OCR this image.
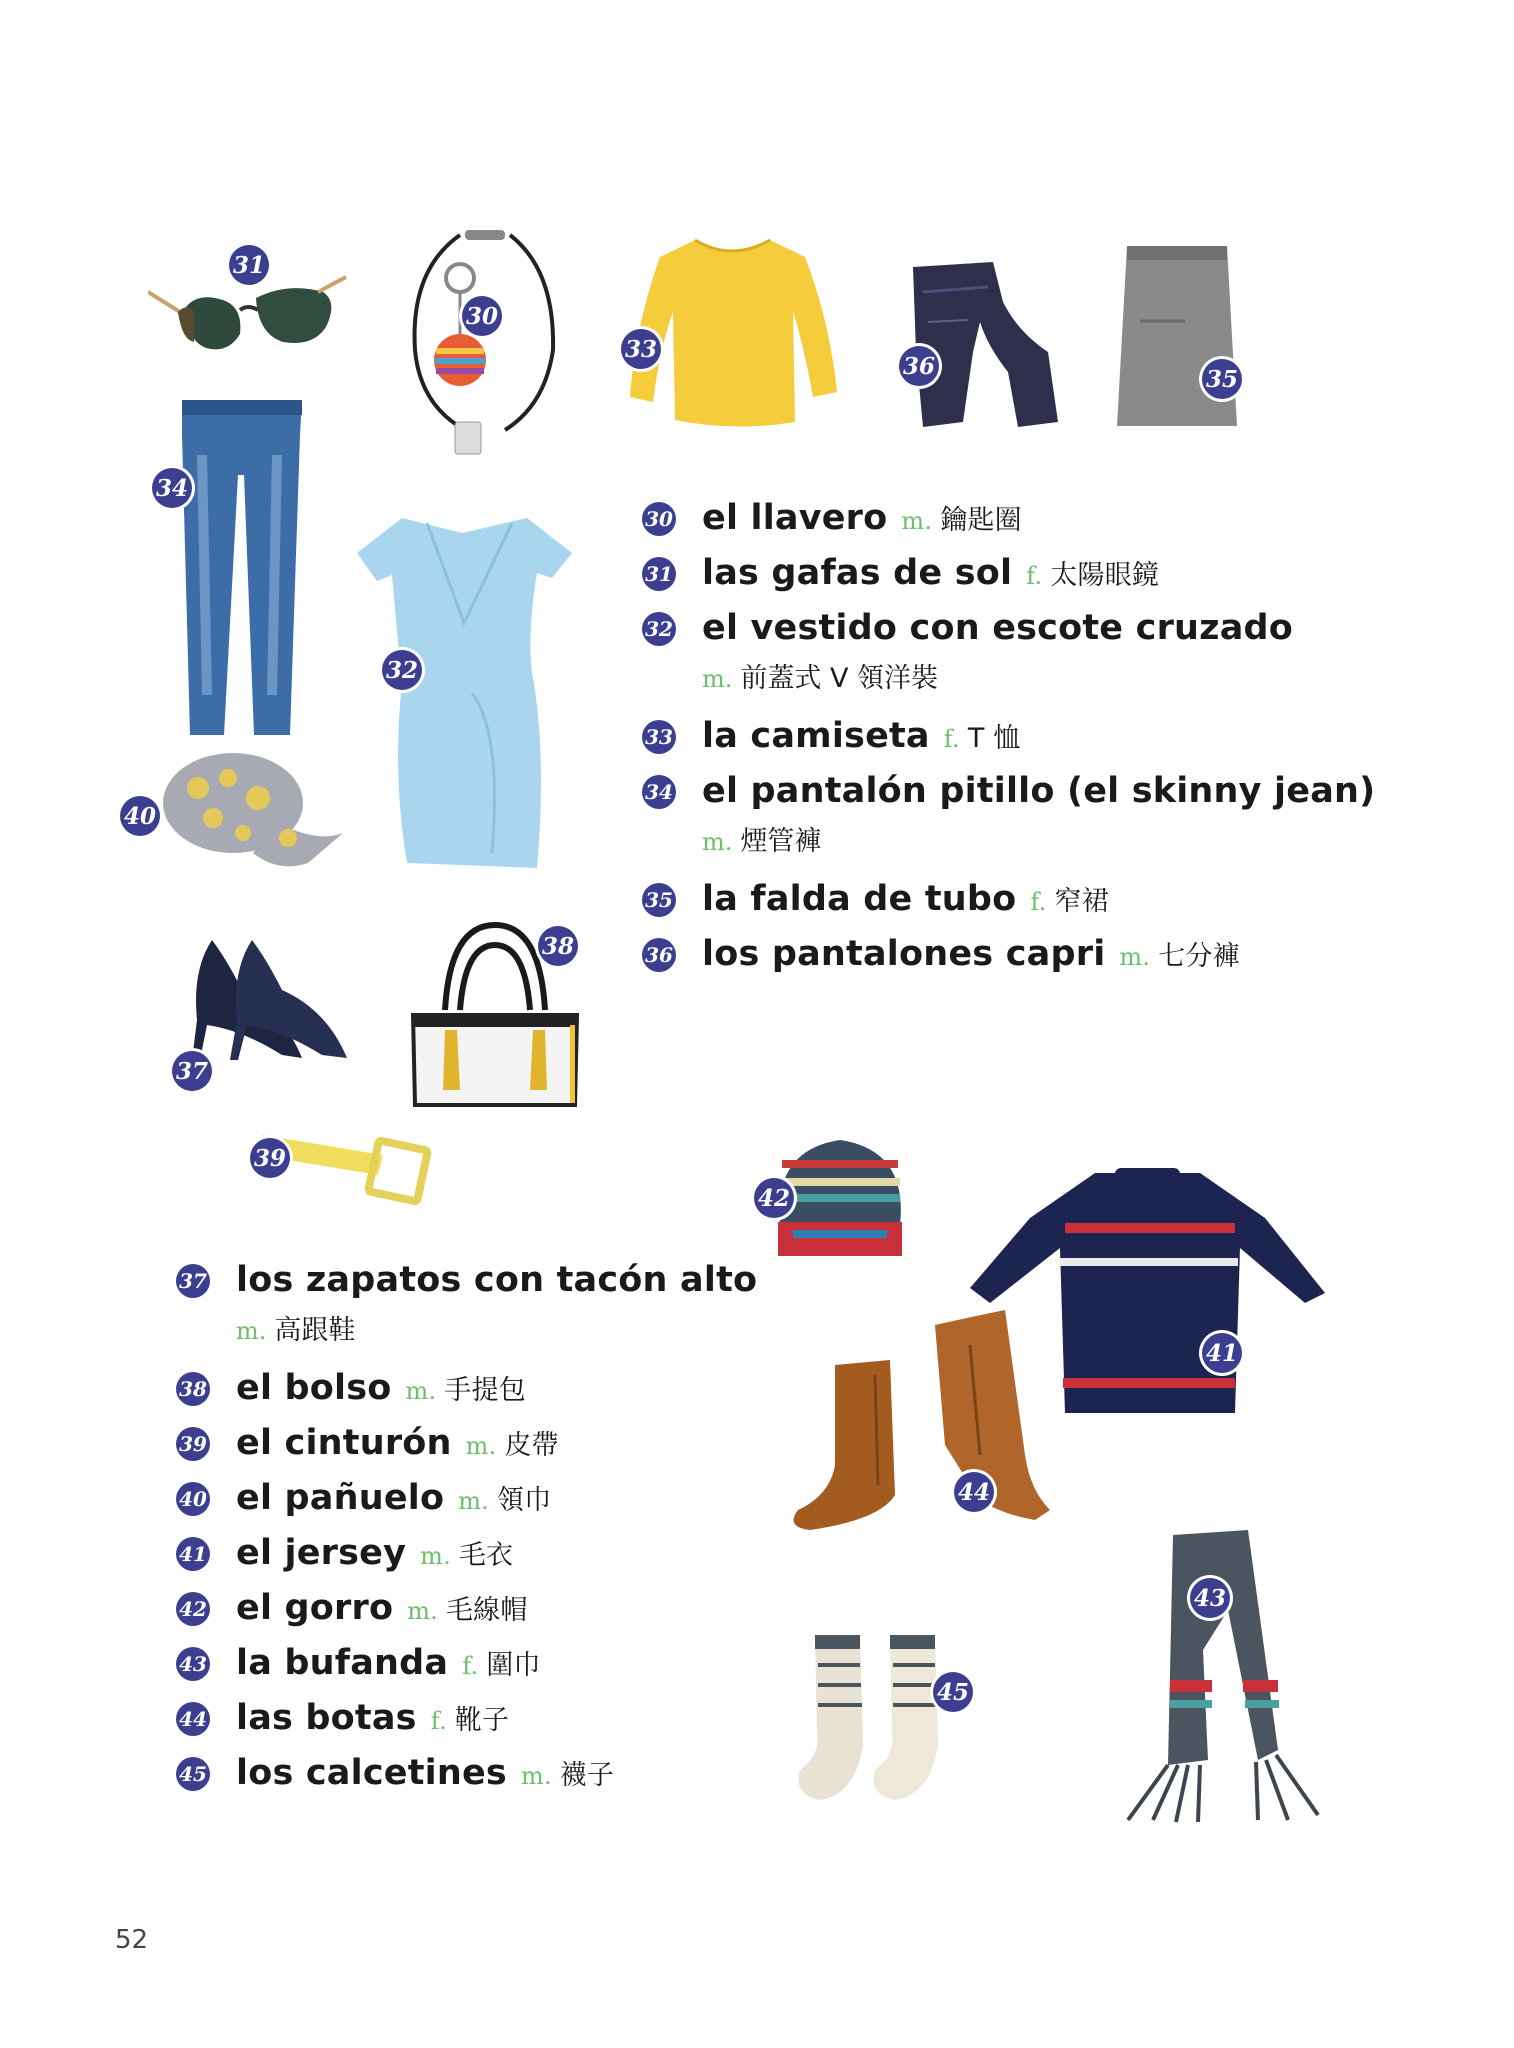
31
30
33
36	35
34
32
40
37
38
39
42
41
44
43
45
30 el llavero m. 鑰匙圈
31 las gafas de sol f. 太陽眼鏡
32 el vestido con escote cruzado
m. 前蓋式 V 領洋裝
33 la camiseta f. T 恤
34 el pantalón pitillo (el skinny jean)
m. 煙管褲
35 la falda de tubo f. 窄裙
36 los pantalones capri m. 七分褲
37 los zapatos con tacón alto
m. 高跟鞋
38 el bolso m. 手提包
39 el cinturón m. 皮帶
40 el pañuelo m. 領巾
41 el jersey m. 毛衣
42 el gorro m. 毛線帽
43 la bufanda f. 圍巾
44 las botas f. 靴子
45 los calcetines m. 襪子
52
